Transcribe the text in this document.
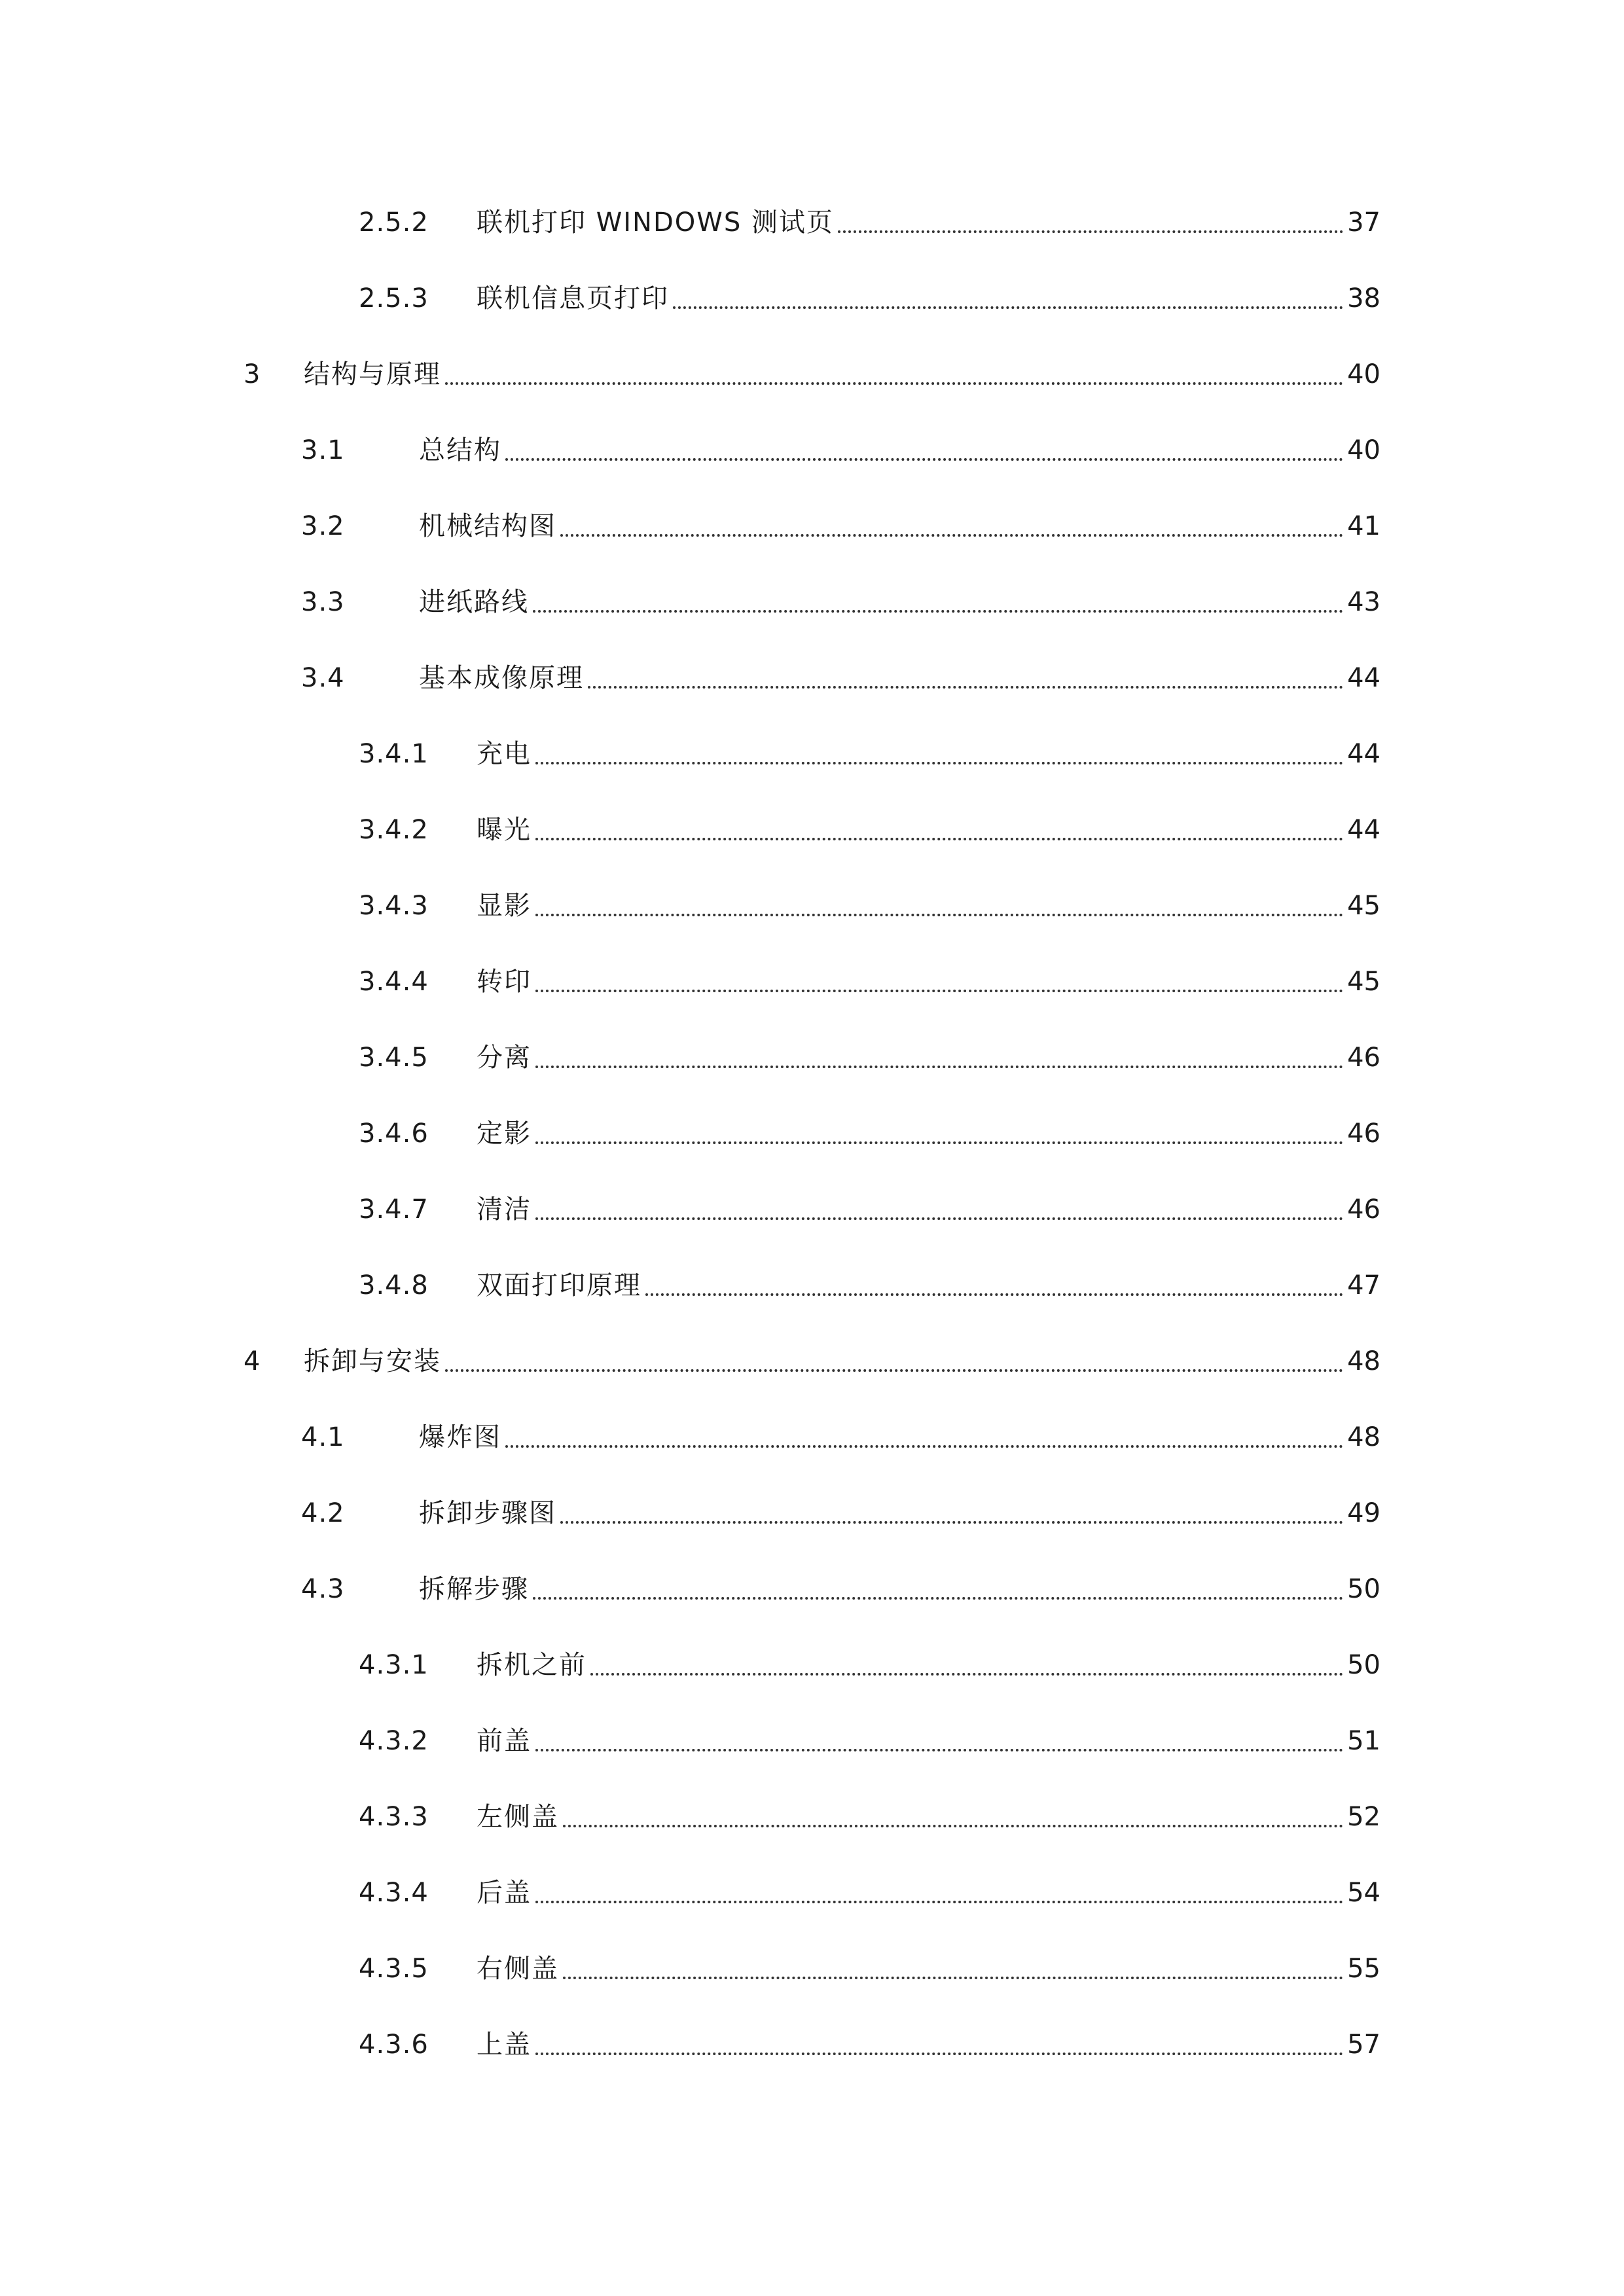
2.5.2	联机打印 WINDOWS 测试页	37
2.5.3	联机信息页打印	38
3	结构与原理	40
3.1	总结构	40
3.2	机械结构图	41
3.3	进纸路线	43
3.4	基本成像原理	44
3.4.1	充电	44
3.4.2	曝光	44
3.4.3	显影	45
3.4.4	转印	45
3.4.5	分离	46
3.4.6	定影	46
3.4.7	清洁	46
3.4.8	双面打印原理	47
4	拆卸与安装	48
4.1	爆炸图	48
4.2	拆卸步骤图	49
4.3	拆解步骤	50
4.3.1	拆机之前	50
4.3.2	前盖	51
4.3.3	左侧盖	52
4.3.4	后盖	54
4.3.5	右侧盖	55
4.3.6	上盖	57
